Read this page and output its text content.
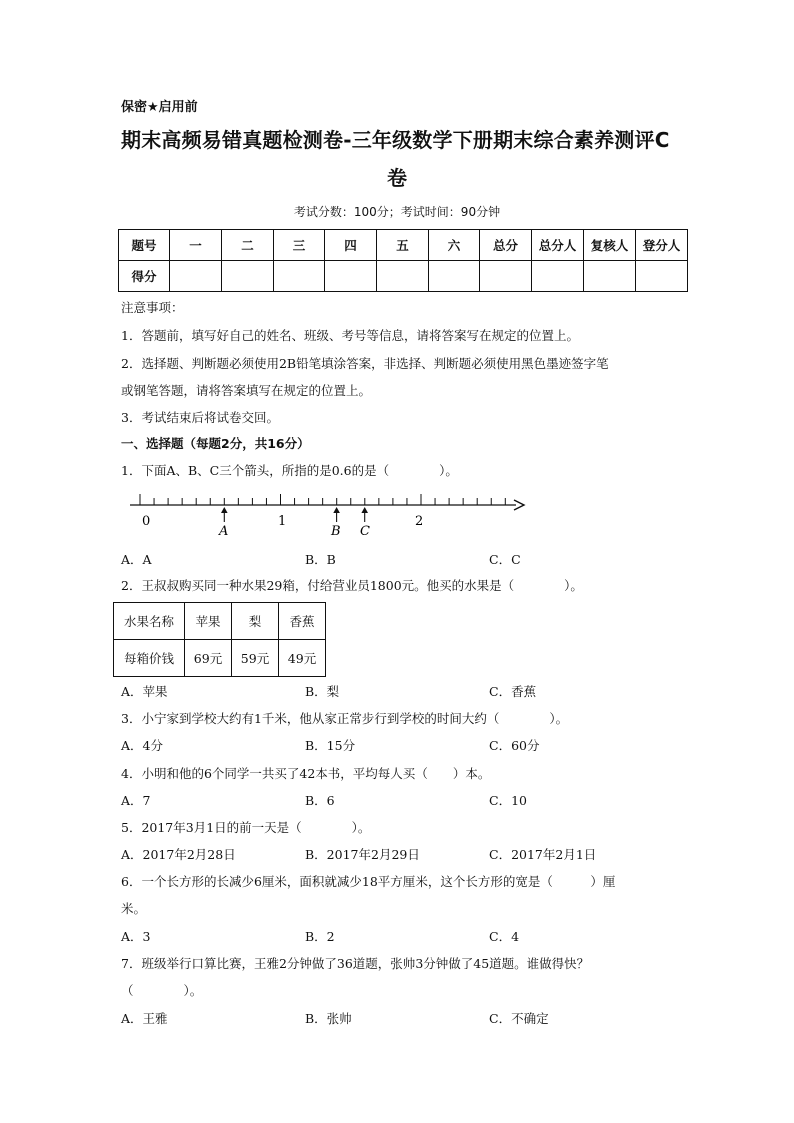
保密★启用前
期末高频易错真题检测卷-三年级数学下册期末综合素养测评C
卷
考试分数：100分；考试时间：90分钟
题号	一	二	三	四	五	六	总分	总分人	复核人	登分人
得分										
注意事项：
1．答题前，填写好自己的姓名、班级、考号等信息，请将答案写在规定的位置上。
2．选择题、判断题必须使用2B铅笔填涂答案，非选择、判断题必须使用黑色墨迹签字笔
或钢笔答题，请将答案填写在规定的位置上。
3．考试结束后将试卷交回。
一、选择题（每题2分，共16分）
1．下面A、B、C三个箭头，所指的是0.6的是（　　　　）。
0	1	2
A	B C
A．A	B．B	C．C
2．王叔叔购买同一种水果29箱，付给营业员1800元。他买的水果是（　　　　）。
水果名称	苹果	梨	香蕉
每箱价钱	69元	59元	49元
A．苹果	B．梨	C．香蕉
3．小宁家到学校大约有1千米，他从家正常步行到学校的时间大约（　　　　）。
A．4分	B．15分	C．60分
4．小明和他的6个同学一共买了42本书，平均每人买（　　）本。
A．7	B．6	C．10
5．2017年3月1日的前一天是（　　　　）。
A．2017年2月28日	B．2017年2月29日	C．2017年2月1日
6．一个长方形的长减少6厘米，面积就减少18平方厘米，这个长方形的宽是（　　　）厘
米。
A．3	B．2	C．4
7．班级举行口算比赛，王雅2分钟做了36道题，张帅3分钟做了45道题。谁做得快？
（　　　　）。
A．王雅	B．张帅	C．不确定
